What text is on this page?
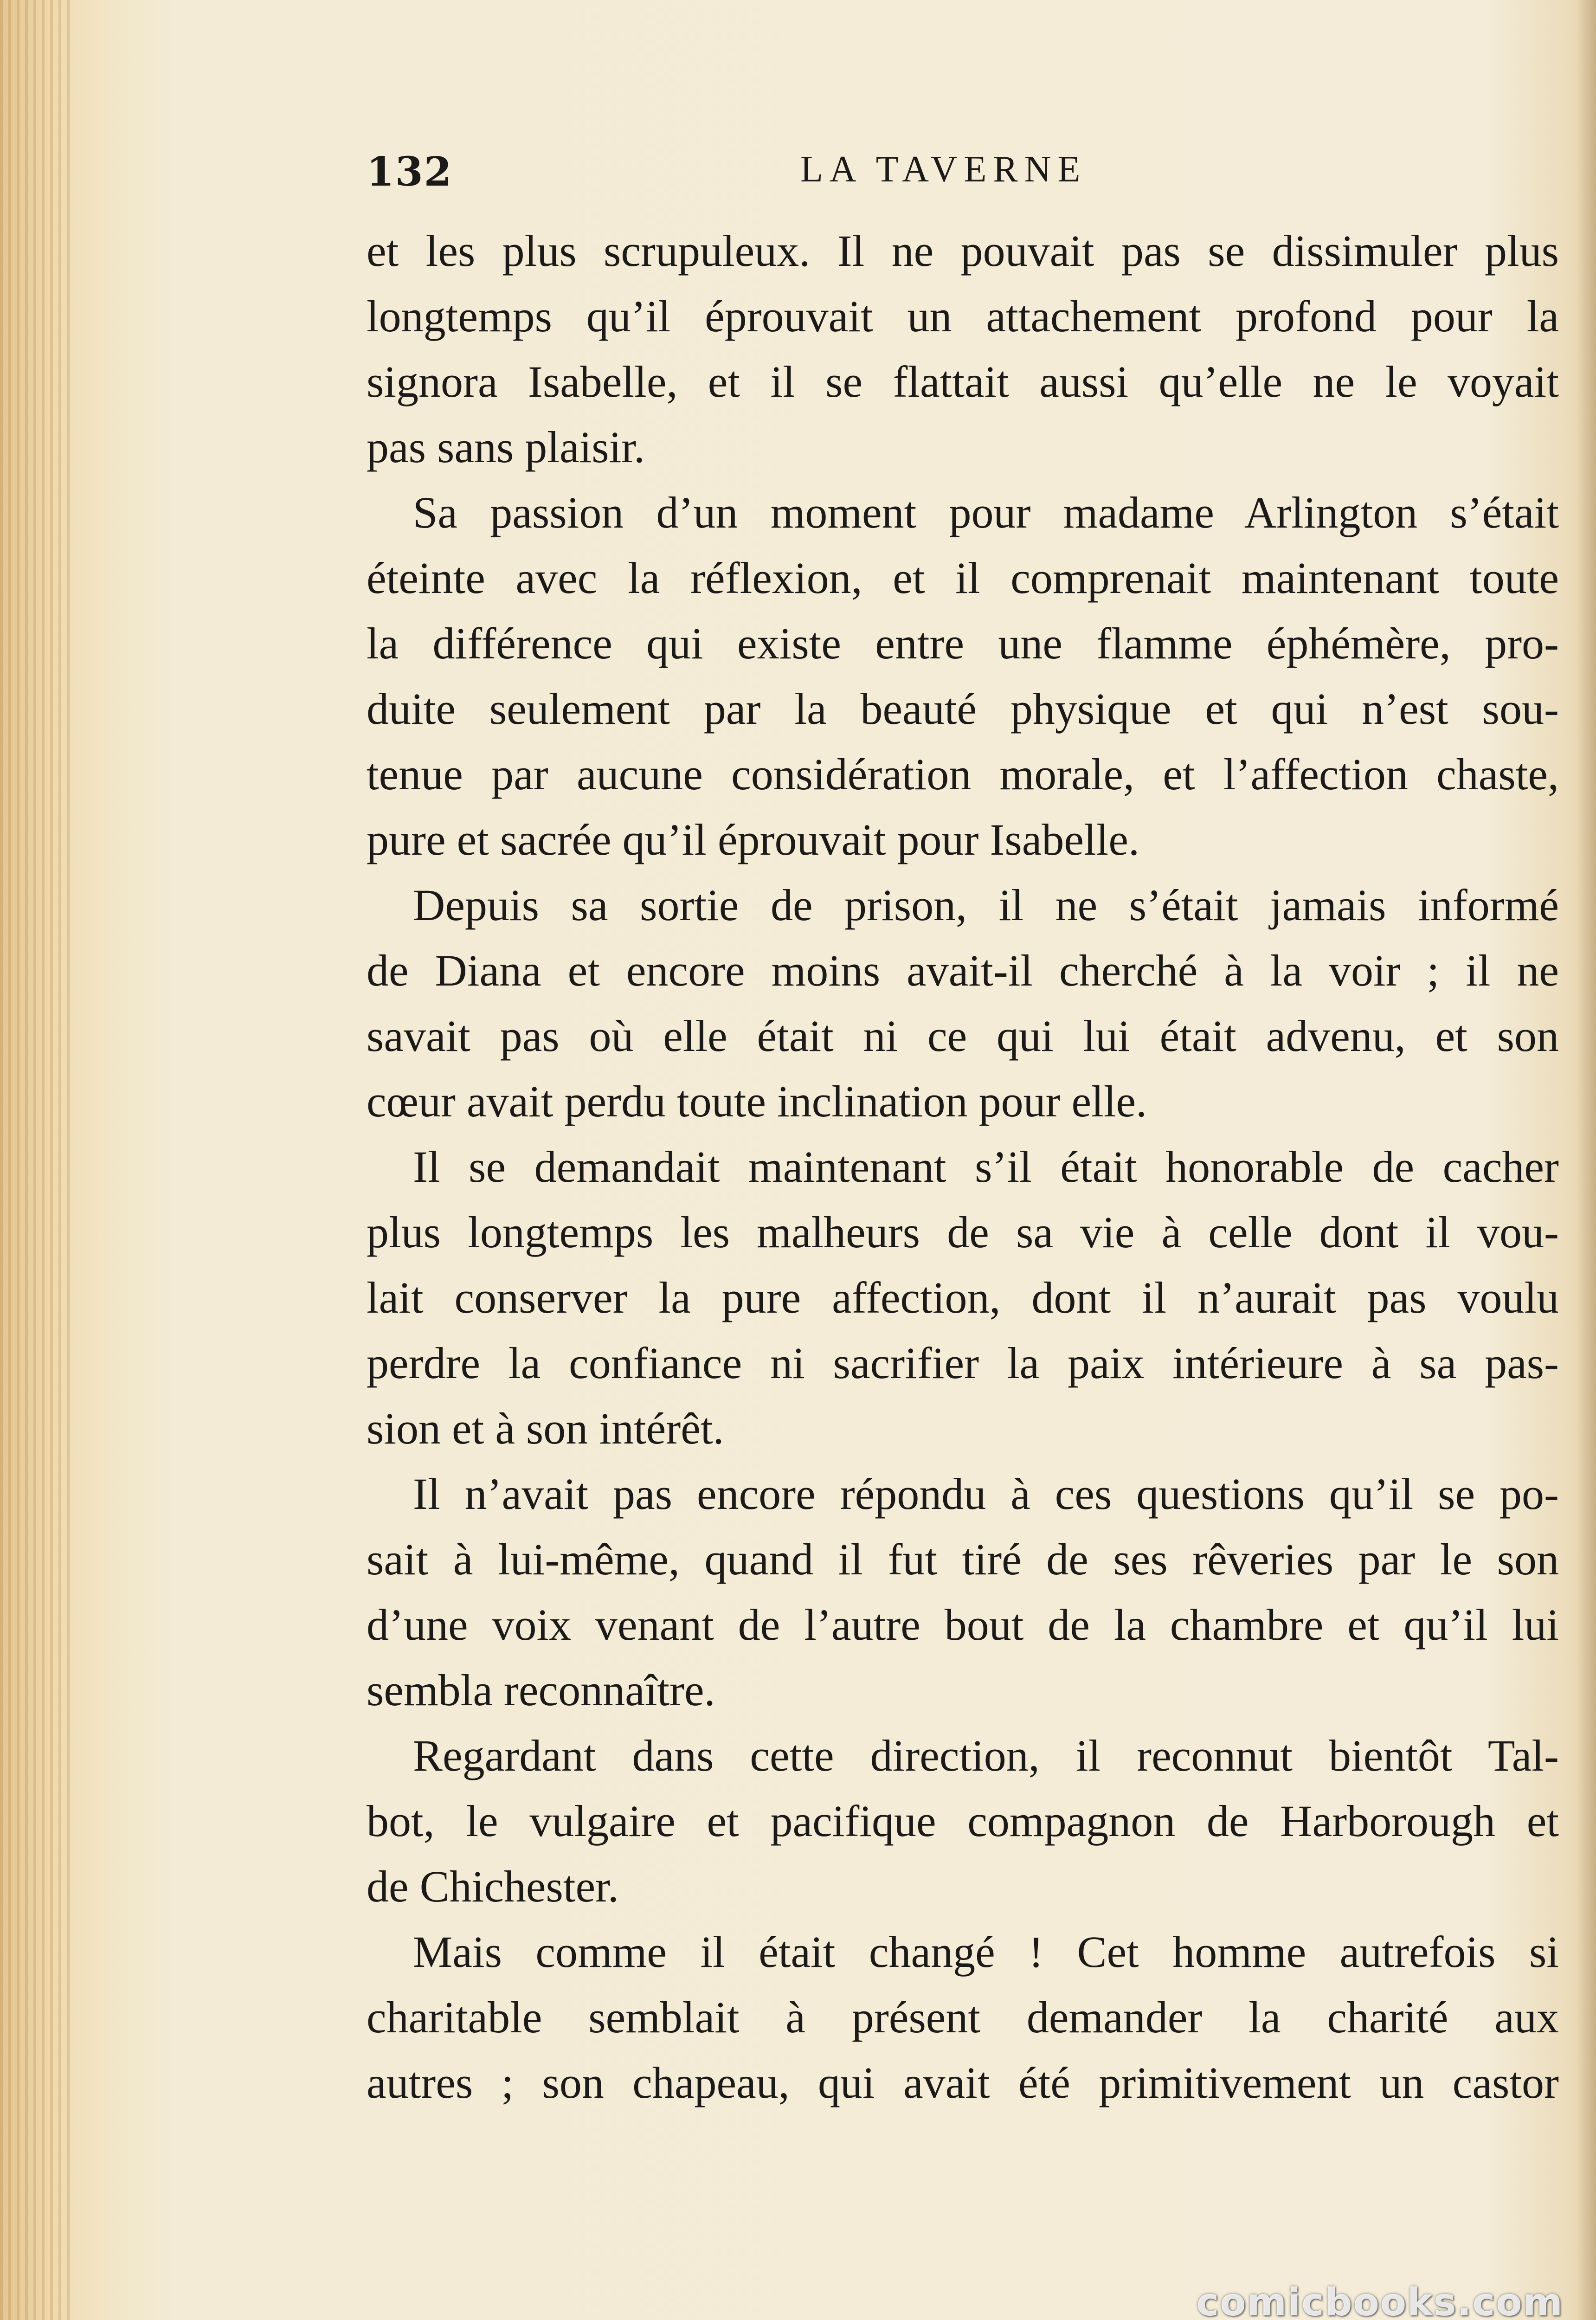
132	LA TAVERNE
et les plus scrupuleux. Il ne pouvait pas se dissimuler plus
longtemps qu’il éprouvait un attachement profond pour la
signora Isabelle, et il se flattait aussi qu’elle ne le voyait
pas sans plaisir.
Sa passion d’un moment pour madame Arlington s’était
éteinte avec la réflexion, et il comprenait maintenant toute
la différence qui existe entre une flamme éphémère, pro-
duite seulement par la beauté physique et qui n’est sou-
tenue par aucune considération morale, et l’affection chaste,
pure et sacrée qu’il éprouvait pour Isabelle.
Depuis sa sortie de prison, il ne s’était jamais informé
de Diana et encore moins avait-il cherché à la voir ; il ne
savait pas où elle était ni ce qui lui était advenu, et son
cœur avait perdu toute inclination pour elle.
Il se demandait maintenant s’il était honorable de cacher
plus longtemps les malheurs de sa vie à celle dont il vou-
lait conserver la pure affection, dont il n’aurait pas voulu
perdre la confiance ni sacrifier la paix intérieure à sa pas-
sion et à son intérêt.
Il n’avait pas encore répondu à ces questions qu’il se po-
sait à lui-même, quand il fut tiré de ses rêveries par le son
d’une voix venant de l’autre bout de la chambre et qu’il lui
sembla reconnaître.
Regardant dans cette direction, il reconnut bientôt Tal-
bot, le vulgaire et pacifique compagnon de Harborough et
de Chichester.
Mais comme il était changé ! Cet homme autrefois si
charitable semblait à présent demander la charité aux
autres ; son chapeau, qui avait été primitivement un castor
comicbooks.com
